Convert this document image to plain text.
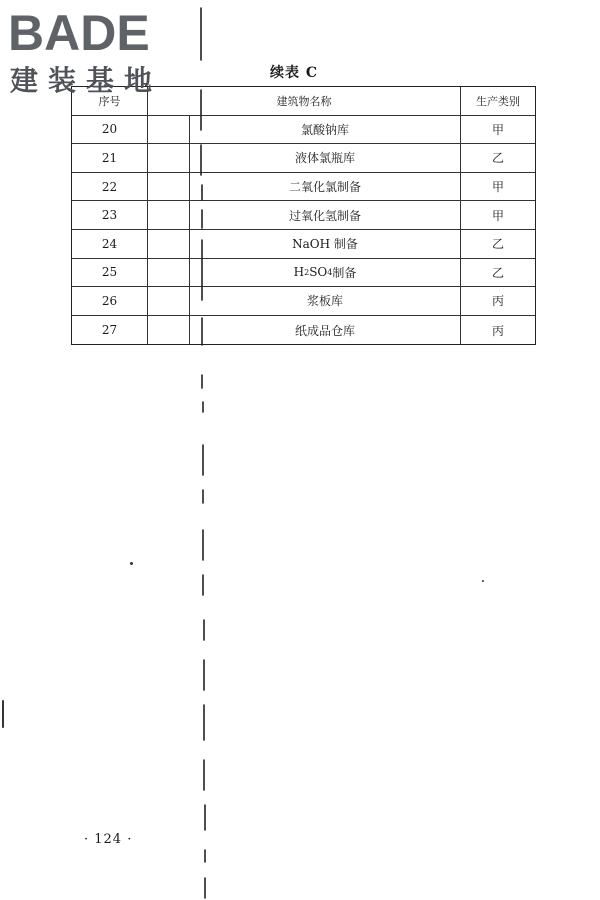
BADE
建装基地	续表 C
序号	建筑物名称	生产类别
20	氯酸钠库	甲
21	液体氯瓶库	乙
22	二氧化氯制备	甲
23	过氧化氢制备	甲
24	NaOH 制备	乙
25	H 2 SO 4 制备	乙
26	浆板库	丙
27	纸成品仓库	丙
· 124 ·
